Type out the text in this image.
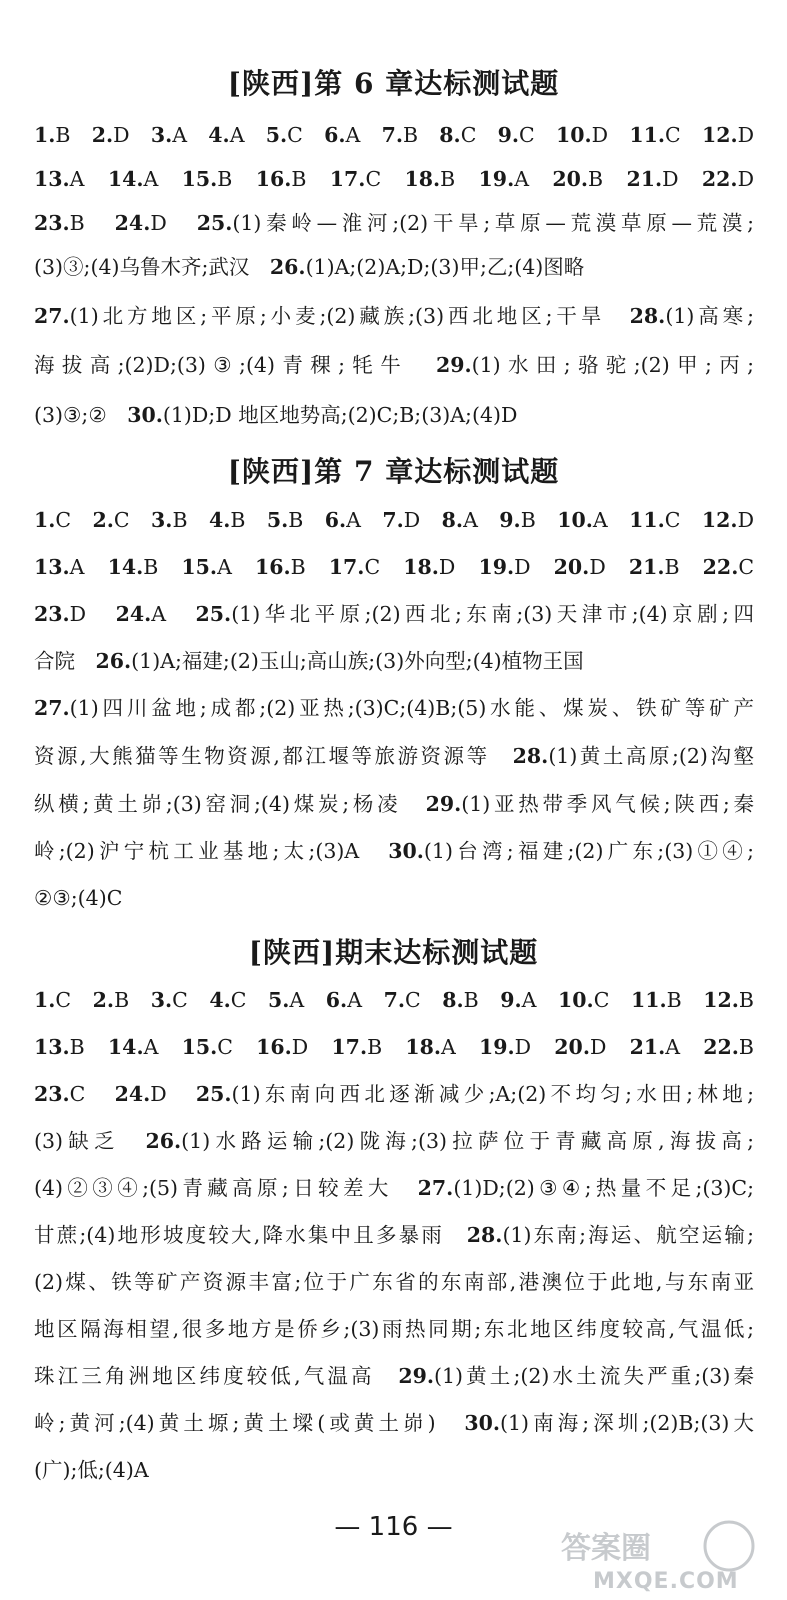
[陕西]第 6 章达标测试题
1.B　2.D　3.A　4.A　5.C　6.A　7.B　8.C　9.C　10.D　11.C　12.D
13.A　14.A　15.B　16.B　17.C　18.B　19.A　20.B　21.D　22.D
23.B　24.D　25.(1)秦岭—淮河;(2)干旱;草原—荒漠草原—荒漠;
(3)③;(4)乌鲁木齐;武汉　26.(1)A;(2)A;D;(3)甲;乙;(4)图略
27.(1)北方地区;平原;小麦;(2)藏族;(3)西北地区;干旱　28.(1)高寒;
海拔高;(2)D;(3)③;(4)青稞;牦牛　29.(1)水田;骆驼;(2)甲;丙;
(3)③;②　30.(1)D;D 地区地势高;(2)C;B;(3)A;(4)D
[陕西]第 7 章达标测试题
1.C　2.C　3.B　4.B　5.B　6.A　7.D　8.A　9.B　10.A　11.C　12.D
13.A　14.B　15.A　16.B　17.C　18.D　19.D　20.D　21.B　22.C
23.D　24.A　25.(1)华北平原;(2)西北;东南;(3)天津市;(4)京剧;四
合院　26.(1)A;福建;(2)玉山;高山族;(3)外向型;(4)植物王国
27.(1)四川盆地;成都;(2)亚热;(3)C;(4)B;(5)水能、煤炭、铁矿等矿产
资源,大熊猫等生物资源,都江堰等旅游资源等　28.(1)黄土高原;(2)沟壑
纵横;黄土峁;(3)窑洞;(4)煤炭;杨凌　29.(1)亚热带季风气候;陕西;秦
岭;(2)沪宁杭工业基地;太;(3)A　30.(1)台湾;福建;(2)广东;(3)①④;
②③;(4)C
[陕西]期末达标测试题
1.C　2.B　3.C　4.C　5.A　6.A　7.C　8.B　9.A　10.C　11.B　12.B
13.B　14.A　15.C　16.D　17.B　18.A　19.D　20.D　21.A　22.B
23.C　24.D　25.(1)东南向西北逐渐减少;A;(2)不均匀;水田;林地;
(3)缺乏　26.(1)水路运输;(2)陇海;(3)拉萨位于青藏高原,海拔高;
(4)②③④;(5)青藏高原;日较差大　27.(1)D;(2)③④;热量不足;(3)C;
甘蔗;(4)地形坡度较大,降水集中且多暴雨　28.(1)东南;海运、航空运输;
(2)煤、铁等矿产资源丰富;位于广东省的东南部,港澳位于此地,与东南亚
地区隔海相望,很多地方是侨乡;(3)雨热同期;东北地区纬度较高,气温低;
珠江三角洲地区纬度较低,气温高　29.(1)黄土;(2)水土流失严重;(3)秦
岭;黄河;(4)黄土塬;黄土墚(或黄土峁)　30.(1)南海;深圳;(2)B;(3)大
(广);低;(4)A
— 116 —
答案圈
MXQE.COM
